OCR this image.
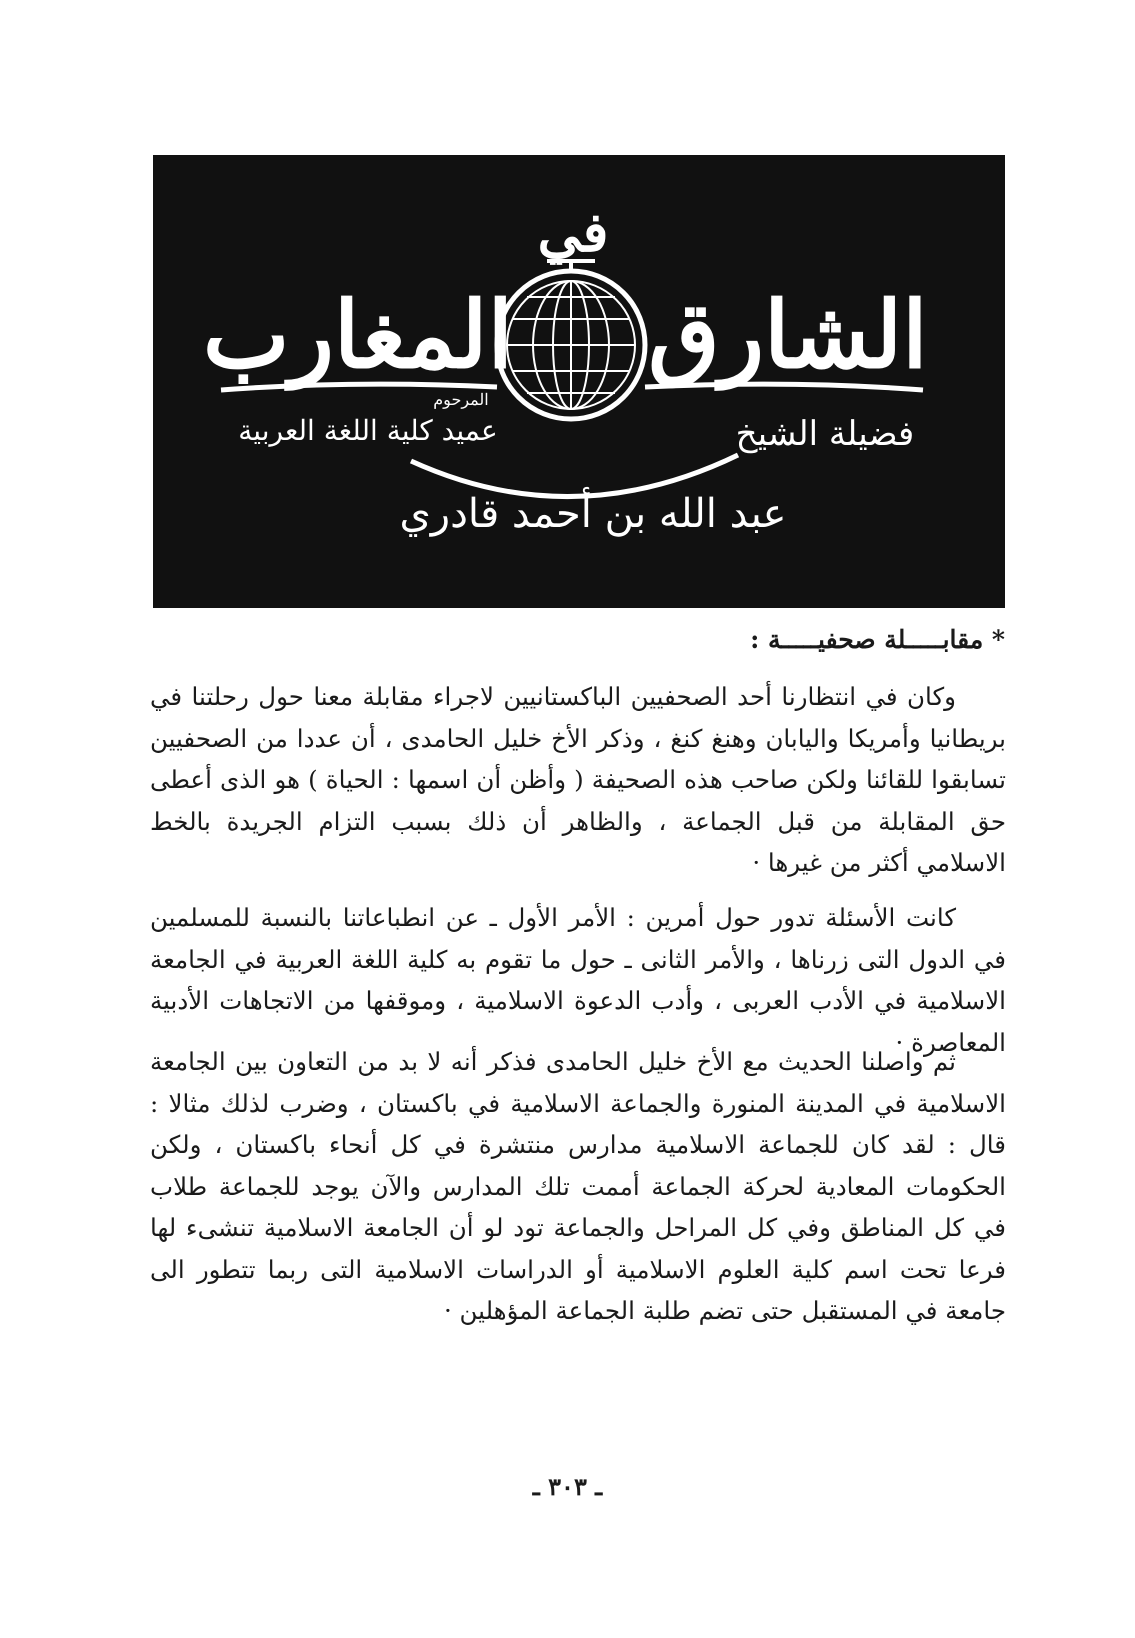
الشارق
في
المغارب
فضيلة الشيخ
المرحوم
عميد كلية اللغة العربية
عبد الله بن أحمد قادري
* مقابـــــلة صحفيـــــة :

وكان في انتظارنا أحد الصحفيين الباكستانيين لاجراء مقابلة معنا حول رحلتنا في بريطانيا وأمريكا واليابان وهنغ كنغ ، وذكر الأخ خليل الحامدى ، أن عددا من الصحفيين تسابقوا للقائنا ولكن صاحب هذه الصحيفة ( وأظن أن اسمها : الحياة ) هو الذى أعطى حق المقابلة من قبل الجماعة ، والظاهر أن ذلك بسبب التزام الجريدة بالخط الاسلامي أكثر من غيرها ·

كانت الأسئلة تدور حول أمرين : الأمر الأول ـ عن انطباعاتنا بالنسبة للمسلمين في الدول التى زرناها ، والأمر الثانى ـ حول ما تقوم به كلية اللغة العربية في الجامعة الاسلامية في الأدب العربى ، وأدب الدعوة الاسلامية ، وموقفها من الاتجاهات الأدبية المعاصرة ·

ثم واصلنا الحديث مع الأخ خليل الحامدى فذكر أنه لا بد من التعاون بين الجامعة الاسلامية في المدينة المنورة والجماعة الاسلامية في باكستان ، وضرب لذلك مثالا : قال : لقد كان للجماعة الاسلامية مدارس منتشرة في كل أنحاء باكستان ، ولكن الحكومات المعادية لحركة الجماعة أممت تلك المدارس والآن يوجد للجماعة طلاب في كل المناطق وفي كل المراحل والجماعة تود لو أن الجامعة الاسلامية تنشىء لها فرعا تحت اسم كلية العلوم الاسلامية أو الدراسات الاسلامية التى ربما تتطور الى جامعة في المستقبل حتى تضم طلبة الجماعة المؤهلين ·

ـ ٣٠٣ ـ
